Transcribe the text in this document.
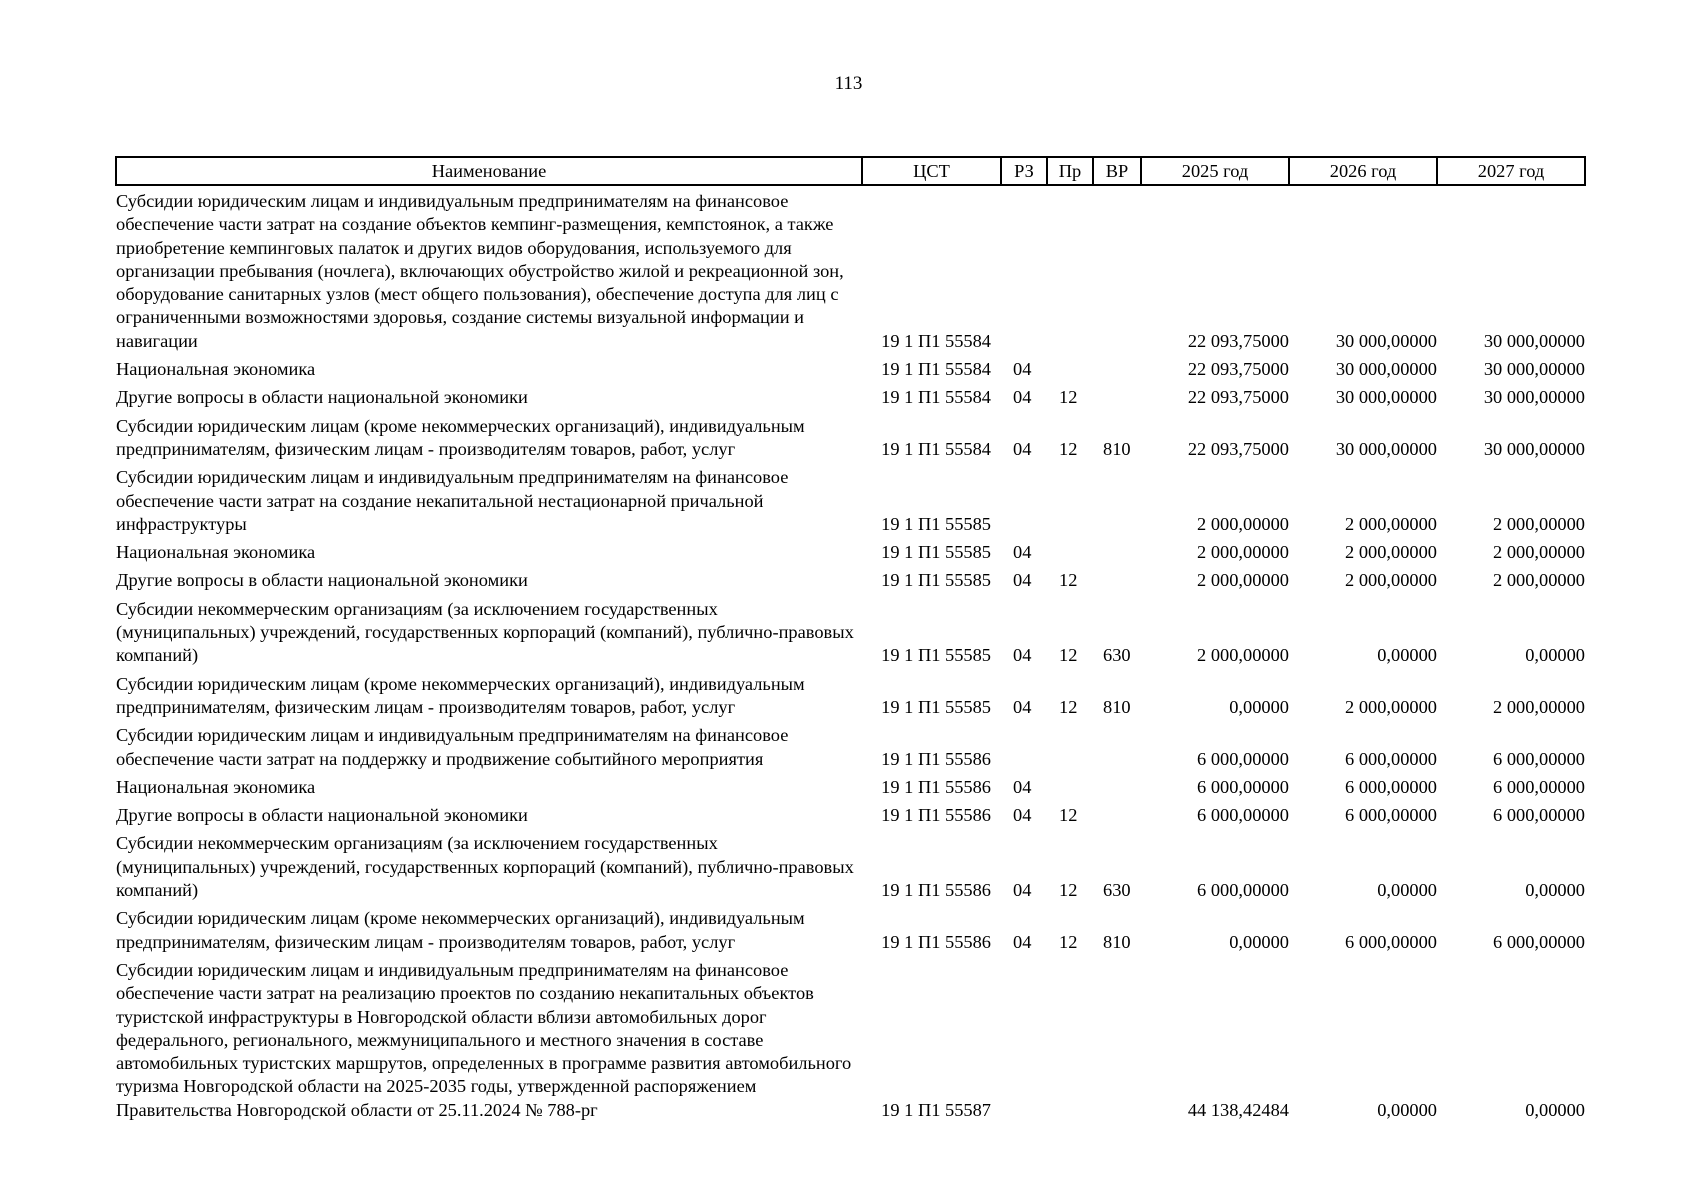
113
Наименование	ЦСТ	РЗ	Пр	ВР	2025 год	2026 год	2027 год
Субсидии юридическим лицам и индивидуальным предпринимателям на финансовое обеспечение части затрат на создание объектов кемпинг-размещения, кемпстоянок, а также приобретение кемпинговых палаток и других видов оборудования, используемого для организации пребывания (ночлега), включающих обустройство жилой и рекреационной зон, оборудование санитарных узлов (мест общего пользования), обеспечение доступа для лиц с ограниченными возможностями здоровья, создание системы визуальной информации и навигации	19 1 П1 55584				22 093,75000	30 000,00000	30 000,00000
Национальная экономика	19 1 П1 55584	04			22 093,75000	30 000,00000	30 000,00000
Другие вопросы в области национальной экономики	19 1 П1 55584	04	12		22 093,75000	30 000,00000	30 000,00000
Субсидии юридическим лицам (кроме некоммерческих организаций), индивидуальным предпринимателям, физическим лицам - производителям товаров, работ, услуг	19 1 П1 55584	04	12	810	22 093,75000	30 000,00000	30 000,00000
Субсидии юридическим лицам и индивидуальным предпринимателям на финансовое обеспечение части затрат на создание некапитальной нестационарной причальной инфраструктуры	19 1 П1 55585				2 000,00000	2 000,00000	2 000,00000
Национальная экономика	19 1 П1 55585	04			2 000,00000	2 000,00000	2 000,00000
Другие вопросы в области национальной экономики	19 1 П1 55585	04	12		2 000,00000	2 000,00000	2 000,00000
Субсидии некоммерческим организациям (за исключением государственных (муниципальных) учреждений, государственных корпораций (компаний), публично-правовых компаний)	19 1 П1 55585	04	12	630	2 000,00000	0,00000	0,00000
Субсидии юридическим лицам (кроме некоммерческих организаций), индивидуальным предпринимателям, физическим лицам - производителям товаров, работ, услуг	19 1 П1 55585	04	12	810	0,00000	2 000,00000	2 000,00000
Субсидии юридическим лицам и индивидуальным предпринимателям на финансовое обеспечение части затрат на поддержку и продвижение событийного мероприятия	19 1 П1 55586				6 000,00000	6 000,00000	6 000,00000
Национальная экономика	19 1 П1 55586	04			6 000,00000	6 000,00000	6 000,00000
Другие вопросы в области национальной экономики	19 1 П1 55586	04	12		6 000,00000	6 000,00000	6 000,00000
Субсидии некоммерческим организациям (за исключением государственных (муниципальных) учреждений, государственных корпораций (компаний), публично-правовых компаний)	19 1 П1 55586	04	12	630	6 000,00000	0,00000	0,00000
Субсидии юридическим лицам (кроме некоммерческих организаций), индивидуальным предпринимателям, физическим лицам - производителям товаров, работ, услуг	19 1 П1 55586	04	12	810	0,00000	6 000,00000	6 000,00000
Субсидии юридическим лицам и индивидуальным предпринимателям на финансовое обеспечение части затрат на реализацию проектов по созданию некапитальных объектов туристской инфраструктуры в Новгородской области вблизи автомобильных дорог федерального, регионального, межмуниципального и местного значения в составе автомобильных туристских маршрутов, определенных в программе развития автомобильного туризма Новгородской области на 2025-2035 годы, утвержденной распоряжением Правительства Новгородской области от 25.11.2024 № 788-рг	19 1 П1 55587				44 138,42484	0,00000	0,00000
